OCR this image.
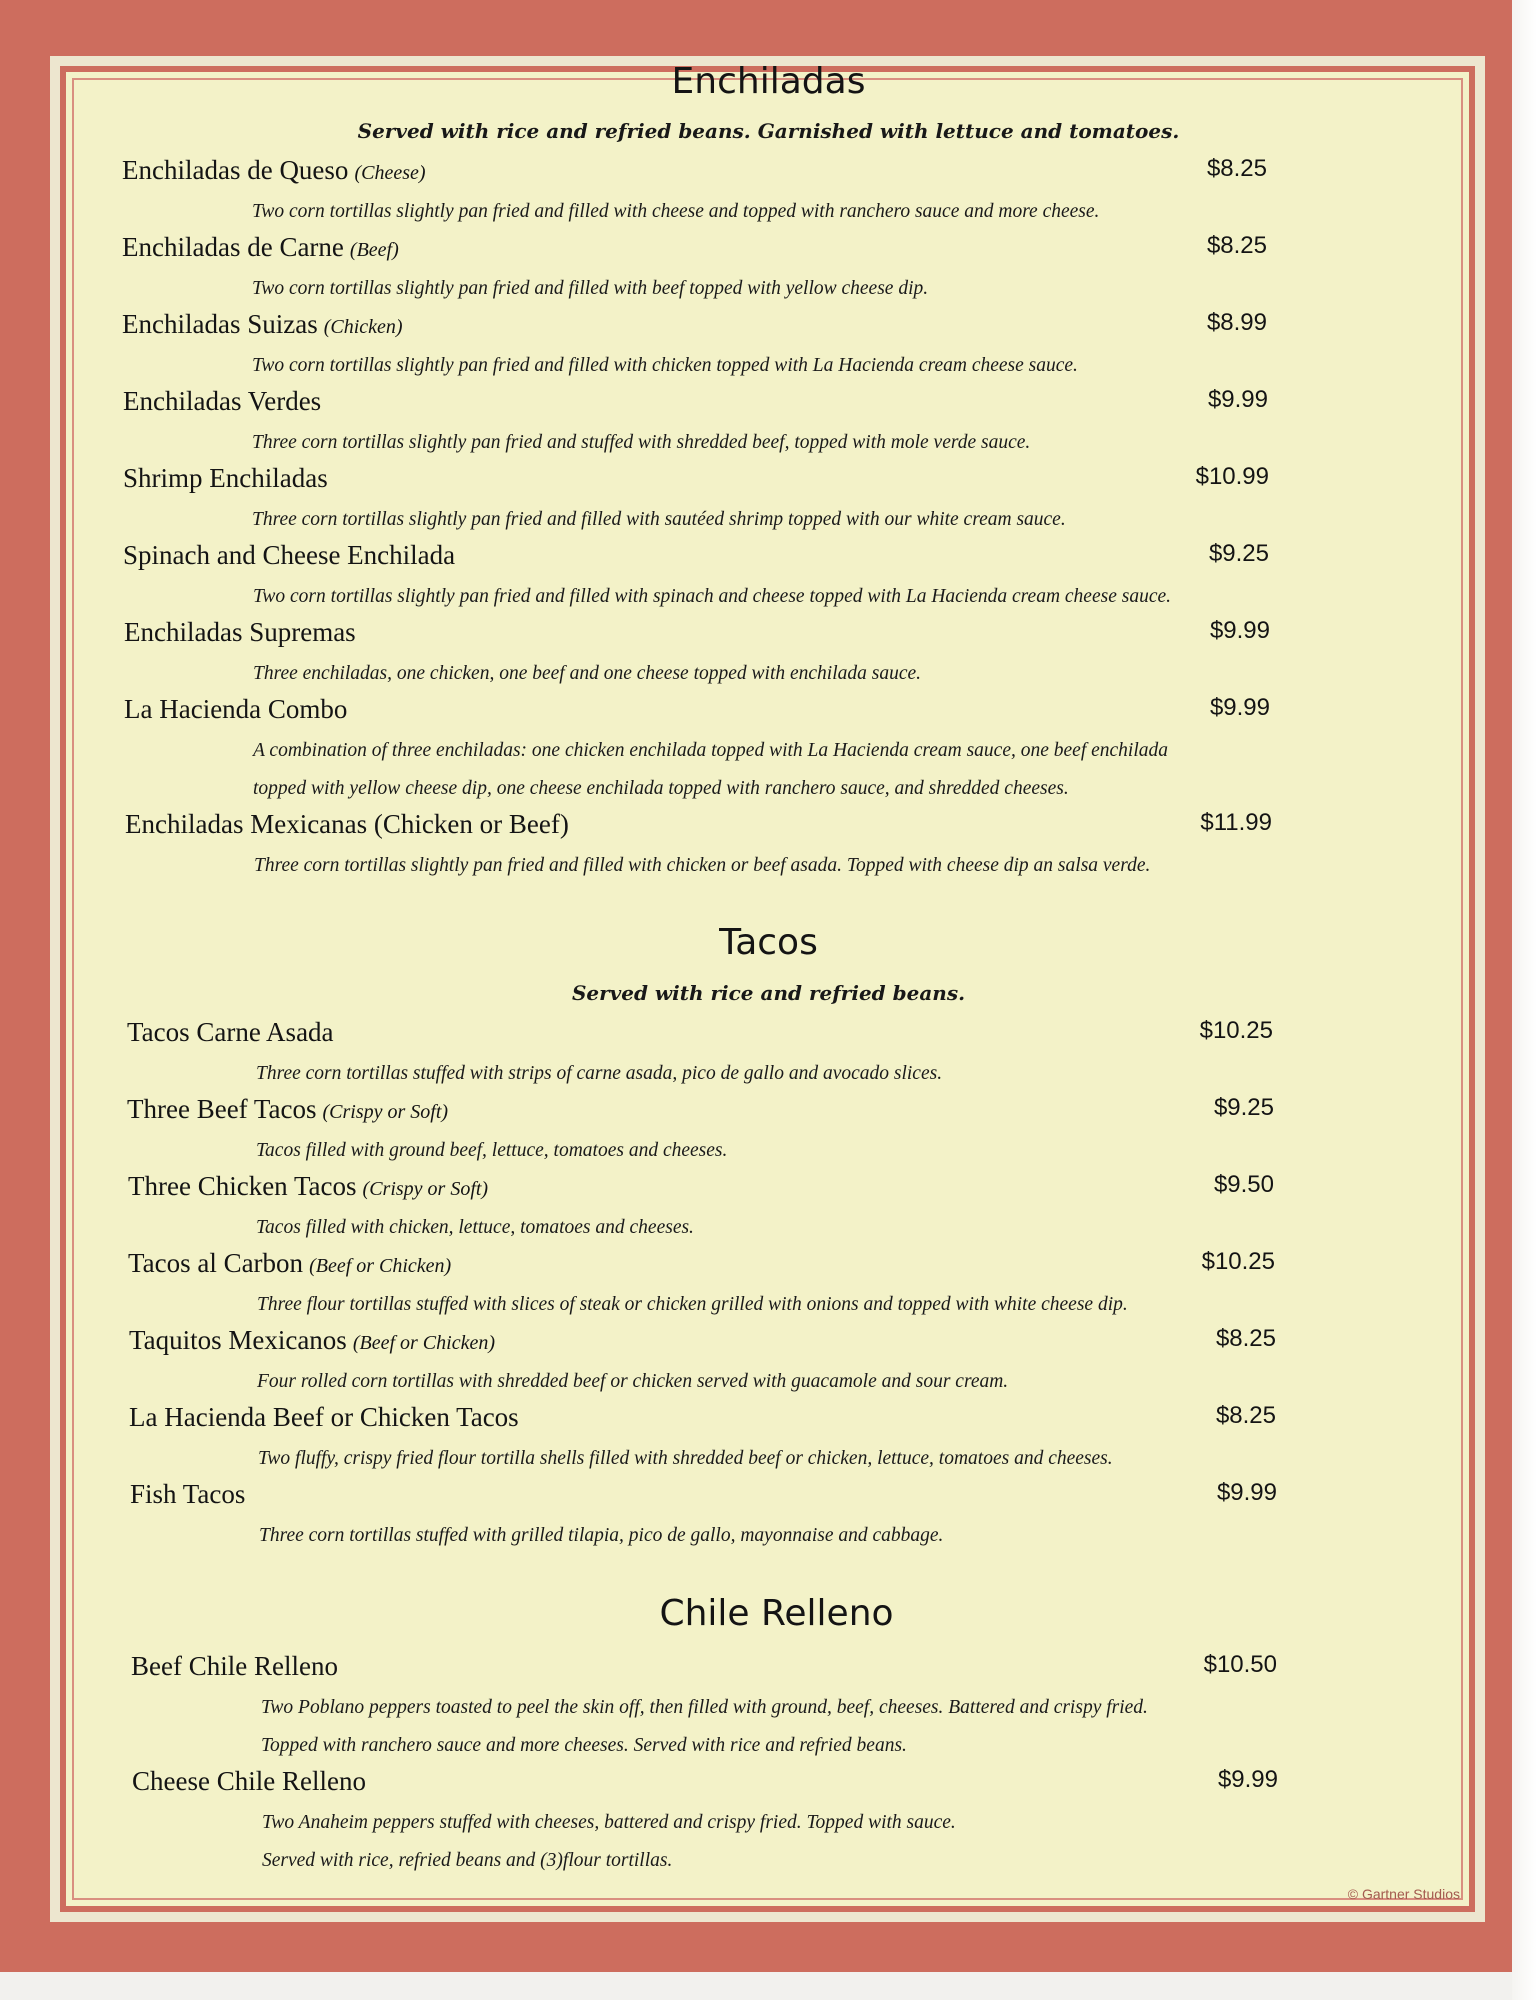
Enchiladas

Served with rice and refried beans. Garnished with lettuce and tomatoes.

Enchiladas de Queso (Cheese)	$8.25
Two corn tortillas slightly pan fried and filled with cheese and topped with ranchero sauce and more cheese.
Enchiladas de Carne (Beef)	$8.25
Two corn tortillas slightly pan fried and filled with beef topped with yellow cheese dip.
Enchiladas Suizas (Chicken)	$8.99
Two corn tortillas slightly pan fried and filled with chicken topped with La Hacienda cream cheese sauce.
Enchiladas Verdes	$9.99
Three corn tortillas slightly pan fried and stuffed with shredded beef, topped with mole verde sauce.
Shrimp Enchiladas	$10.99
Three corn tortillas slightly pan fried and filled with sautéed shrimp topped with our white cream sauce.
Spinach and Cheese Enchilada	$9.25
Two corn tortillas slightly pan fried and filled with spinach and cheese topped with La Hacienda cream cheese sauce.
Enchiladas Supremas	$9.99
Three enchiladas, one chicken, one beef and one cheese topped with enchilada sauce.
La Hacienda Combo	$9.99
A combination of three enchiladas: one chicken enchilada topped with La Hacienda cream sauce, one beef enchilada
topped with yellow cheese dip, one cheese enchilada topped with ranchero sauce, and shredded cheeses.
Enchiladas Mexicanas (Chicken or Beef)	$11.99
Three corn tortillas slightly pan fried and filled with chicken or beef asada. Topped with cheese dip an salsa verde.
Tacos

Served with rice and refried beans.

Tacos Carne Asada	$10.25
Three corn tortillas stuffed with strips of carne asada, pico de gallo and avocado slices.
Three Beef Tacos (Crispy or Soft)	$9.25
Tacos filled with ground beef, lettuce, tomatoes and cheeses.
Three Chicken Tacos (Crispy or Soft)	$9.50
Tacos filled with chicken, lettuce, tomatoes and cheeses.
Tacos al Carbon (Beef or Chicken)	$10.25
Three flour tortillas stuffed with slices of steak or chicken grilled with onions and topped with white cheese dip.
Taquitos Mexicanos (Beef or Chicken)	$8.25
Four rolled corn tortillas with shredded beef or chicken served with guacamole and sour cream.
La Hacienda Beef or Chicken Tacos	$8.25
Two fluffy, crispy fried flour tortilla shells filled with shredded beef or chicken, lettuce, tomatoes and cheeses.
Fish Tacos	$9.99
Three corn tortillas stuffed with grilled tilapia, pico de gallo, mayonnaise and cabbage.
Chile Relleno
Beef Chile Relleno	$10.50
Two Poblano peppers toasted to peel the skin off, then filled with ground, beef, cheeses. Battered and crispy fried.
Topped with ranchero sauce and more cheeses. Served with rice and refried beans.
Cheese Chile Relleno	$9.99
Two Anaheim peppers stuffed with cheeses, battered and crispy fried. Topped with sauce.
Served with rice, refried beans and (3)flour tortillas.
© Gartner Studios
